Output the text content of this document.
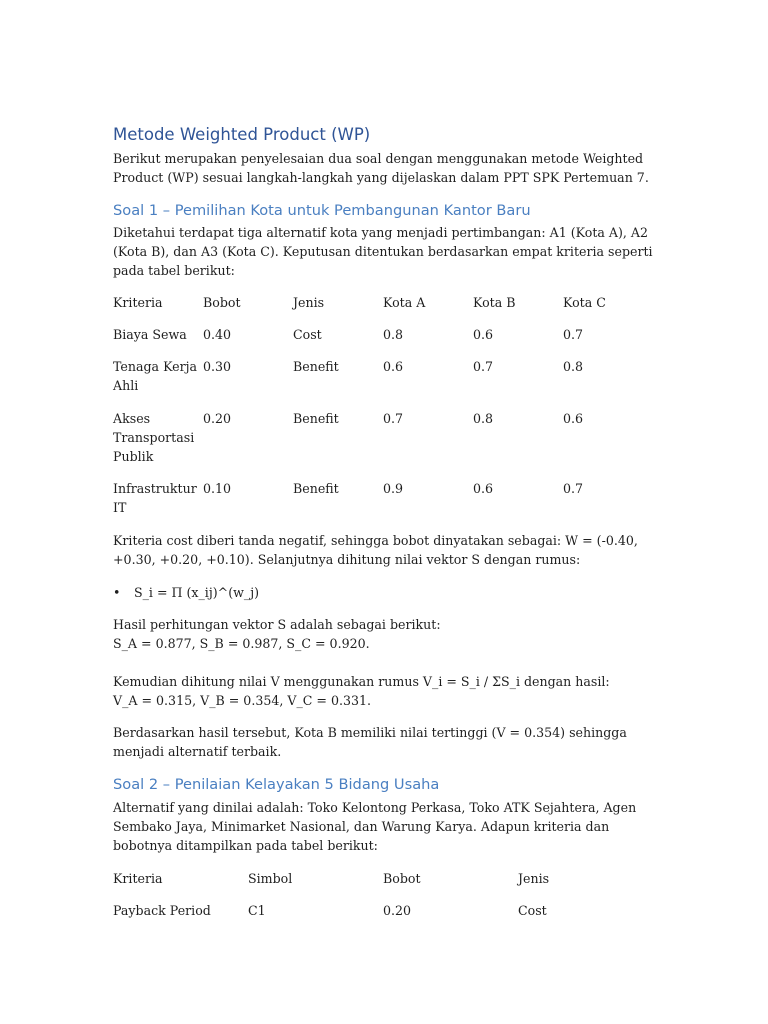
Metode Weighted Product (WP)

Berikut merupakan penyelesaian dua soal dengan menggunakan metode Weighted Product (WP) sesuai langkah-langkah yang dijelaskan dalam PPT SPK Pertemuan 7.

Soal 1 – Pemilihan Kota untuk Pembangunan Kantor Baru

Diketahui terdapat tiga alternatif kota yang menjadi pertimbangan: A1 (Kota A), A2 (Kota B), dan A3 (Kota C). Keputusan ditentukan berdasarkan empat kriteria seperti pada tabel berikut:

Kriteria	Bobot	Jenis	Kota A	Kota B	Kota C
Biaya Sewa	0.40	Cost	0.8	0.6	0.7
Tenaga Kerja Ahli	0.30	Benefit	0.6	0.7	0.8
Akses Transportasi Publik	0.20	Benefit	0.7	0.8	0.6
Infrastruktur IT	0.10	Benefit	0.9	0.6	0.7

Kriteria cost diberi tanda negatif, sehingga bobot dinyatakan sebagai: W = (-0.40, +0.30, +0.20, +0.10). Selanjutnya dihitung nilai vektor S dengan rumus:

• S_i = Π (x_ij)^(w_j)

Hasil perhitungan vektor S adalah sebagai berikut:

S_A = 0.877, S_B = 0.987, S_C = 0.920.

Kemudian dihitung nilai V menggunakan rumus V_i = S_i / ΣS_i dengan hasil:

V_A = 0.315, V_B = 0.354, V_C = 0.331.

Berdasarkan hasil tersebut, Kota B memiliki nilai tertinggi (V = 0.354) sehingga menjadi alternatif terbaik.

Soal 2 – Penilaian Kelayakan 5 Bidang Usaha

Alternatif yang dinilai adalah: Toko Kelontong Perkasa, Toko ATK Sejahtera, Agen Sembako Jaya, Minimarket Nasional, dan Warung Karya. Adapun kriteria dan bobotnya ditampilkan pada tabel berikut:

Kriteria	Simbol	Bobot	Jenis
Payback Period	C1	0.20	Cost
